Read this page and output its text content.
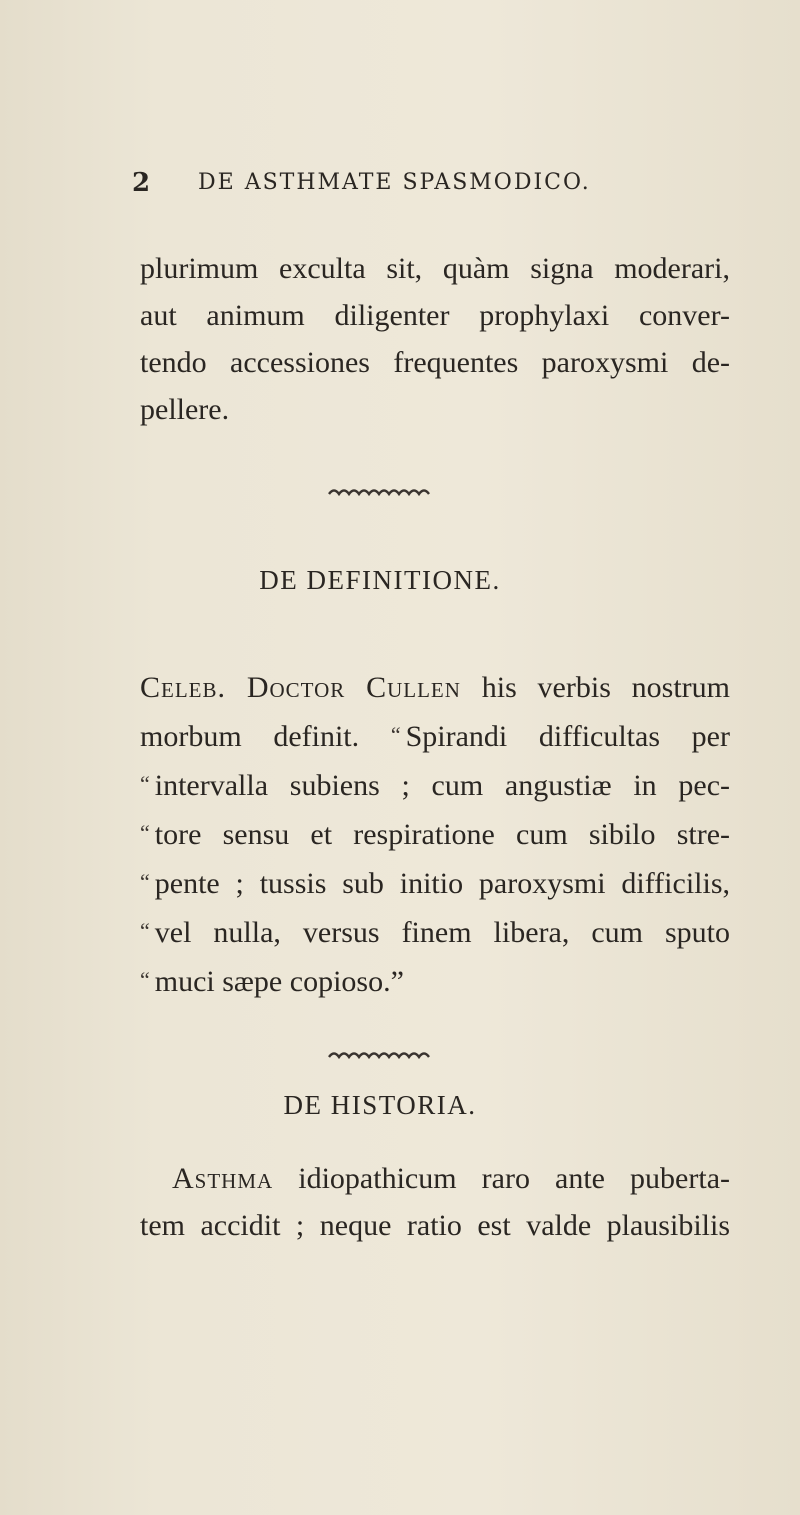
2 DE ASTHMATE SPASMODICO.

plurimum exculta sit, quàm signa moderari,
aut animum diligenter prophylaxi conver-
tendo accessiones frequentes paroxysmi de-
pellere.

DE DEFINITIONE.

Celeb. Doctor Cullen his verbis nostrum
morbum definit. “ Spirandi difficultas per
“ intervalla subiens ; cum angustiæ in pec-
“ tore sensu et respiratione cum sibilo stre-
“ pente ; tussis sub initio paroxysmi difficilis,
“ vel nulla, versus finem libera, cum sputo
“ muci sæpe copioso.”

DE HISTORIA.

Asthma idiopathicum raro ante puberta-
tem accidit ; neque ratio est valde plausibilis
